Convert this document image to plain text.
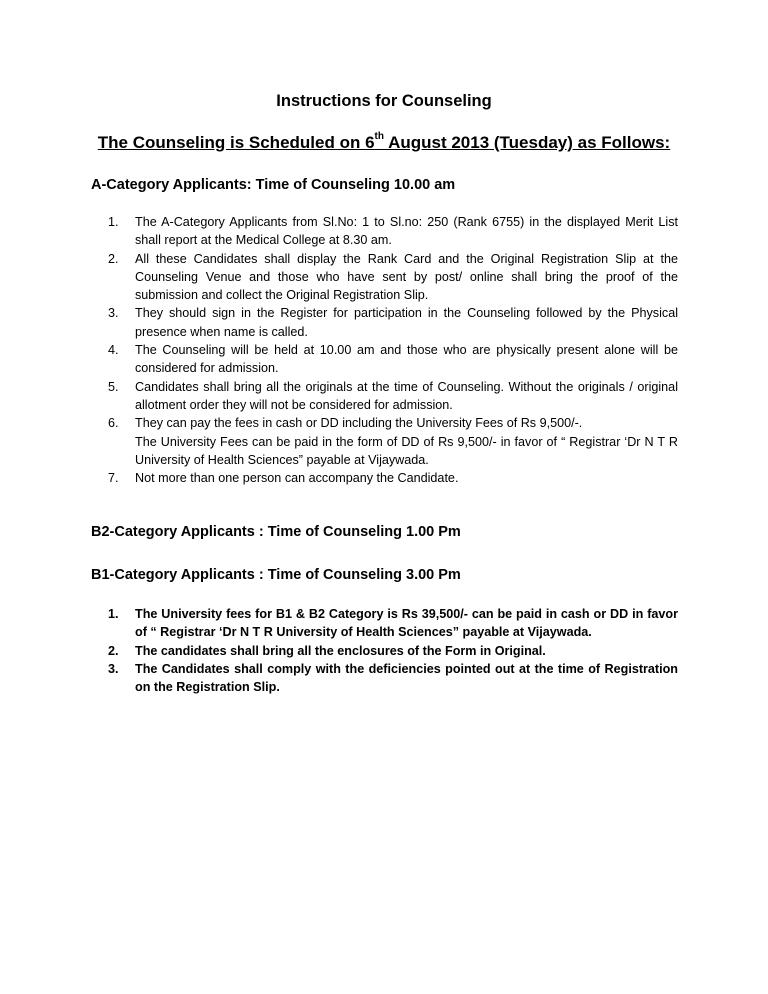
Instructions for Counseling
The Counseling is Scheduled on 6th August 2013 (Tuesday) as Follows:
A-Category Applicants: Time of Counseling 10.00 am
1. The A-Category Applicants from Sl.No: 1 to Sl.no: 250 (Rank 6755) in the displayed Merit List shall report at the Medical College at 8.30 am.
2. All these Candidates shall display the Rank Card and the Original Registration Slip at the Counseling Venue and those who have sent by post/ online shall bring the proof of the submission and collect the Original Registration Slip.
3. They should sign in the Register for participation in the Counseling followed by the Physical presence when name is called.
4. The Counseling will be held at 10.00 am and those who are physically present alone will be considered for admission.
5. Candidates shall bring all the originals at the time of Counseling. Without the originals / original allotment order they will not be considered for admission.
6. They can pay the fees in cash or DD including the University Fees of Rs 9,500/-.
The University Fees can be paid in the form of DD of Rs 9,500/- in favor of “ Registrar ‘Dr N T R University of Health Sciences” payable at Vijaywada.
7. Not more than one person can accompany the Candidate.
B2-Category Applicants : Time of Counseling 1.00 Pm
B1-Category Applicants : Time of Counseling 3.00 Pm
1. The University fees for B1 & B2 Category is Rs 39,500/- can be paid in cash or DD in favor of “ Registrar ‘Dr N T R University of Health Sciences” payable at Vijaywada.
2. The candidates shall bring all the enclosures of the Form in Original.
3. The Candidates shall comply with the deficiencies pointed out at the time of Registration on the Registration Slip.
